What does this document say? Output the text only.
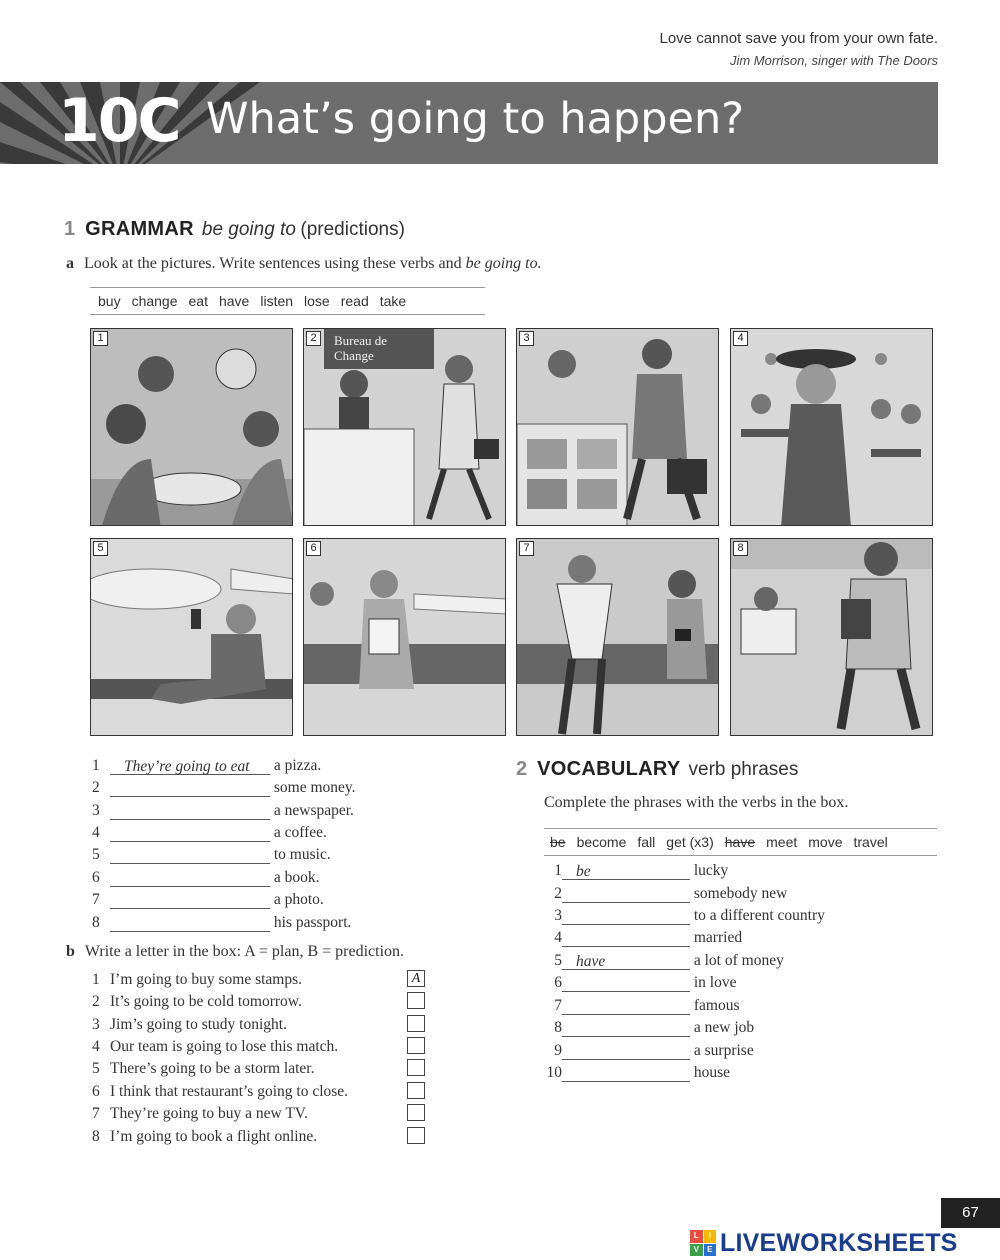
Love cannot save you from your own fate.
Jim Morrison, singer with The Doors
10C What’s going to happen?
1 GRAMMAR be going to (predictions)
a Look at the pictures. Write sentences using these verbs and be going to.
buy change eat have listen lose read take
1	2	Bureau de Change
3	4
5	6	7	8
1 They’re going to eat a pizza.
2	some money.
3	a newspaper.
4	a coffee.
5	to music.
6	a book.
7	a photo.
8	his passport.
b Write a letter in the box: A = plan, B = prediction.
1 I’m going to buy some stamps.	A
2 It’s going to be cold tomorrow.
3 Jim’s going to study tonight.
4 Our team is going to lose this match.
5 There’s going to be a storm later.
6 I think that restaurant’s going to close.
7 They’re going to buy a new TV.
8 I’m going to book a flight online.
2 VOCABULARY verb phrases
Complete the phrases with the verbs in the box.
be become fall get (x3) have meet move travel
1 be	lucky
2	somebody new
3	to a different country
4	married
5 have	a lot of money
6	in love
7	famous
8	a new job
9	a surprise
10	house
67
L	I
V	E LIVEWORKSHEETS
